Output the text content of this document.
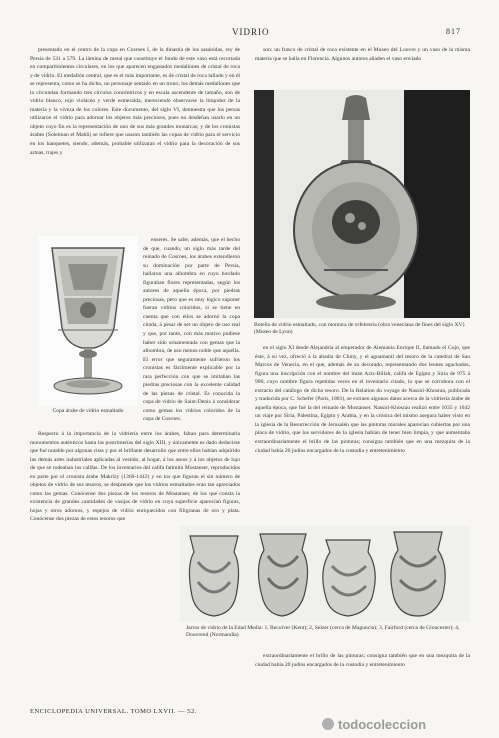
VIDRIO	817

presentado en el centro de la copa en Cosroes I, de la dinastía de los sasánidas, rey de Persia de 531 a 579. La lámina de metal que constituye el fondo de este vaso está recortada en compartimientos circulares, en los que aparecen engastados medallones de cristal de roca y de vidrio. El medallón central, que es el más importante, es de cristal de roca tallado y en él se representa, como se ha dicho, un personaje sentado en un trono; los demás medallones que lo circundan formando tres círculos concéntricos y en escala ascendente de tamaño, son de vidrio blanco, rojo violáceo y verde esmeralda, mereciendo observarse la limpidez de la materia y la viveza de los colores. Este documento, del siglo VI, demuestra que los persas utilizaron el vidrio para adornar los objetos más preciosos, pues no desdeñan usarlo en un objeto cuyo fin es la representación de uno de sus más grandes monarcas; y de los cronistas árabes (Soleiman el Mahli) se infiere que usaron también las copas de vidrio para el servicio en los banquetes, siendo, además, probable utilizaran el vidrio para la decoración de sus armas, trajes y

Copa árabe de vidrio esmaltado

enseres. Se sabe, además, que el hecho de que, cuando, un siglo más tarde del reinado de Cosroes, los árabes extendieron su dominación por parte de Persia, hallaron una alhombra en cuyo bordado figuraban flores representadas, según los autores de aquella época, por piedras preciosas, pero que es muy lógico suponer fueran vidrios coloridos, si se tiene en cuenta que con ellos se adornó la copa citada, á pesar de ser un objeto de uso real y que, por tanto, con más motivo pudiese haber sido ornamentada con gemas que la alhombra, de uso menos noble que aquélla. El error que seguramente sufrieron los cronistas es fácilmente explicable por la rara perfección con que se imitaban las piedras preciosas con la excelente calidad de las piezas de cristal. Es conocida la copa de vidrio de Saint-Denis á considerar como gemas los vidrios coloridos de la copa de Cosroes.

Respecto á la importancia de la vidriería entre los árabes, faltan para determinarla monumentos auténticos hasta las postrimerías del siglo XIII, y únicamente es dado deducirse que fué notable por algunas citas y por el brillante desarrollo que entre ellos habían adquirido las demás artes industriales aplicadas al vestido, al hogar, á los aseos y á los objetos de lujo de que se rodeaban los califas. De los inventarios del califa fatimita Mostanser, reproducidos en parte por el cronista árabe Makrizy (1360-1442) y en los que figuran el sin número de objetos de vidrio de sus tesoros, se desprende que los vidrios esmaltados eran tan apreciados como las gemas. Conócense dos piezas de los tesoros de Mostanser, de los que consta la existencia de grandes cantidades de vasijas de vidrio en cuya superficie aparecían figuras, hojas y otros adornos, y espejos de vidrio enriquecidos con filigranas de oro y plata. Conócense dos piezas de estos tesoros que

son: un frasco de cristal de roca existente en el Museo del Louvre y un vaso de la misma materia que se halla en Florencia. Algunos autores añaden el vaso enviado

Botella de vidrio esmaltado, con montura de orfebrería (obra veneciana de fines del siglo XV) (Museo de Lyon)

en el siglo XI desde Alejandría al emperador de Alemania Enrique II, llamado el Cojo, que éste, á su vez, ofreció á la abadía de Cluny, y el aguamanil del tesoro de la catedral de San Marcos de Venecia, en el que, además de su decorado, representando dos leones agachados, figura una inscripción con el nombre del imán Aziz-Billah, califa de Egipto y Siria de 975 á 996, cuyo nombre figura repetidas veces en el inventario citado, lo que se corrobora con el extracto del catálogo de dicho tesoro. De la Relation du voyage de Nassiri-Khosrau, publicada y traducida por C. Schefer (París, 1881), se extraen algunos datos acerca de la vidriería árabe de aquella época, que fué la del reinado de Mostanser. Nassiri-Khosrau realizó entre 1035 y 1042 un viaje por Siria, Palestina, Egipto y Arabia, y en la crónica del mismo asegura haber visto en la iglesia de la Resurrección de Jerusalén que las pinturas murales aparecían cubiertas por una placa de vidrio, que los servidores de la iglesia habían de tener bien limpia, y que aumentaba extraordinariamente el brillo de las pinturas; consigna también que en una mezquita de la ciudad había 20 judíos encargados de la custodia y entretenimiento

Jarros de vidrio de la Edad Media: 1, Reculver (Kent); 2, Selzer (cerca de Maguncia); 3, Fairford (cerca de Gloucester); 4, Douvrend (Normandía)

extraordinariamente el brillo de las pinturas; consigna también que en una mezquita de la ciudad había 20 judíos encargados de la custodia y entretenimiento

ENCICLOPEDIA UNIVERSAL. TOMO LXVII. — 52.
todocoleccion
